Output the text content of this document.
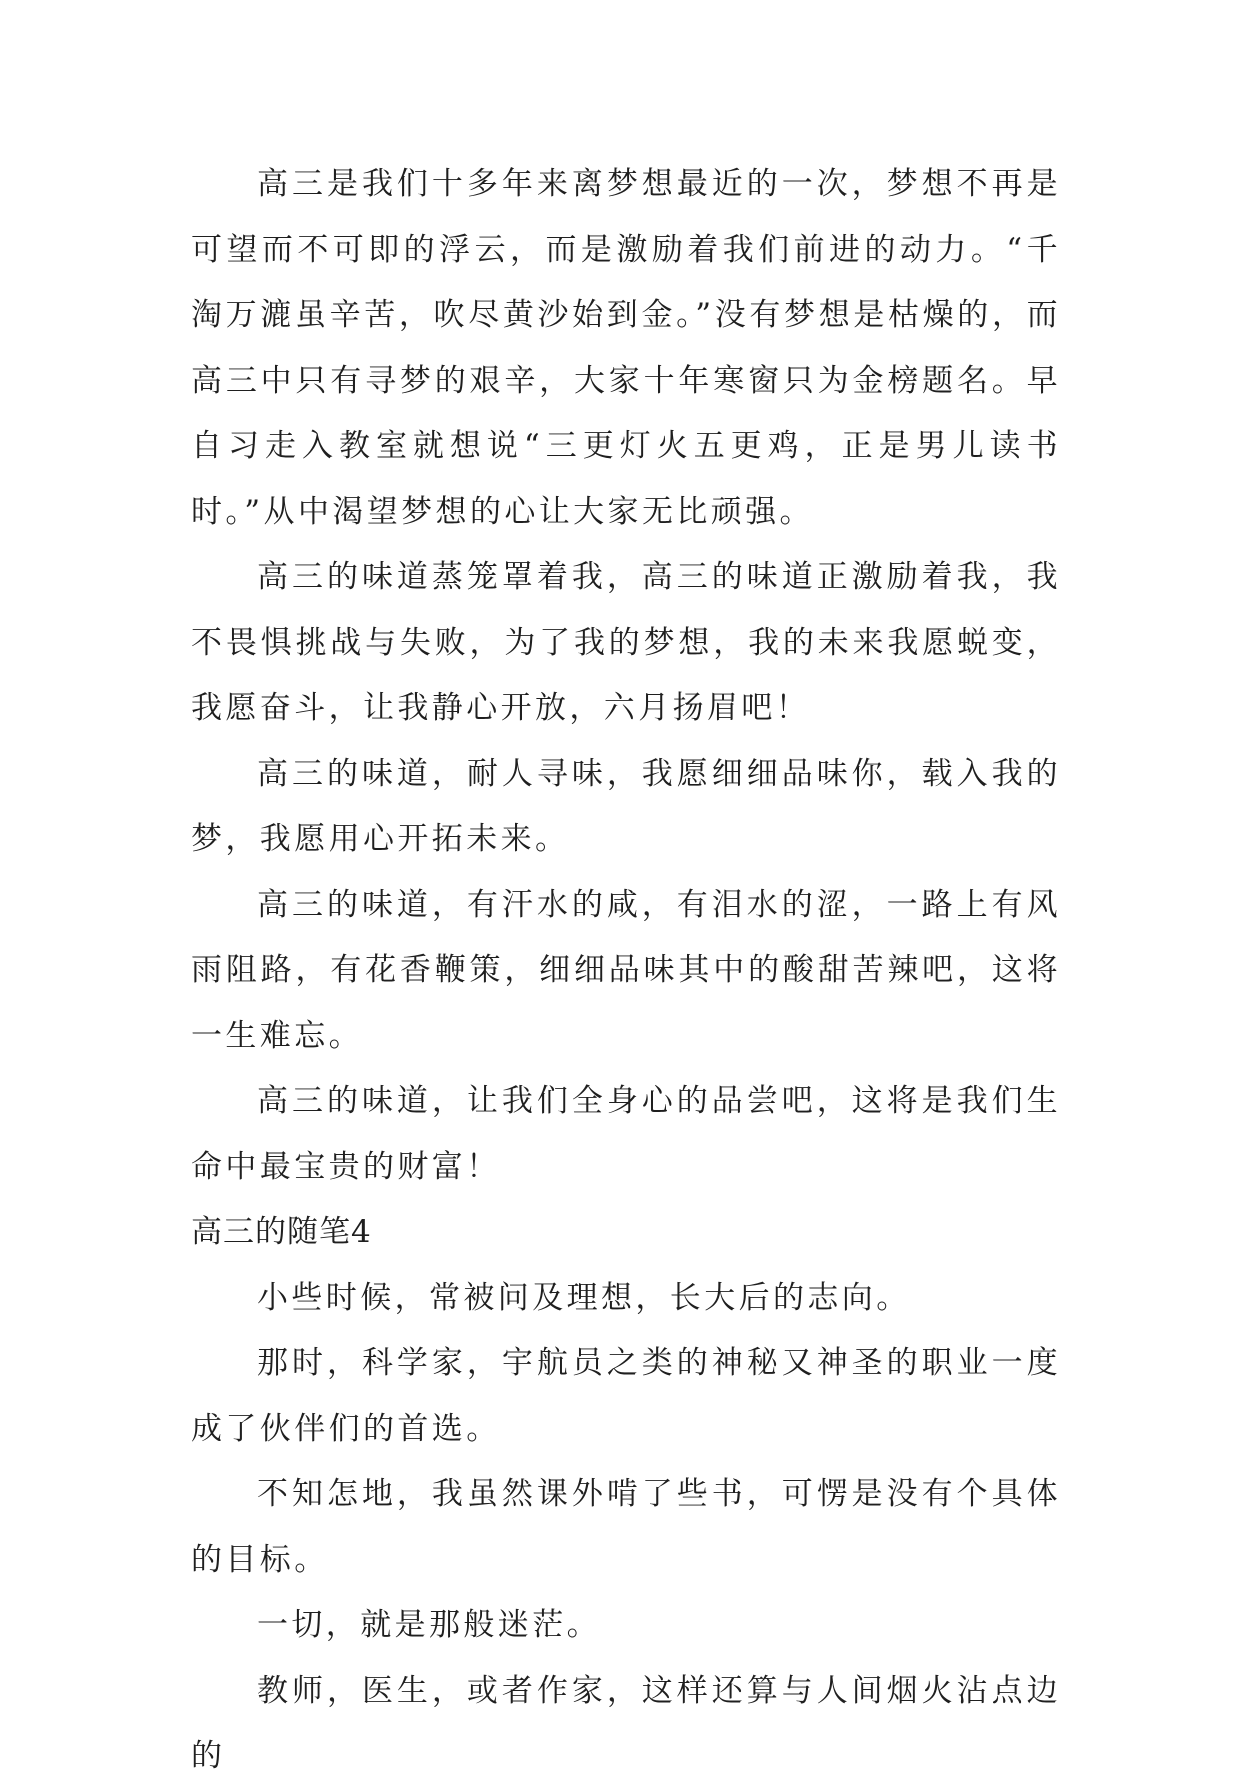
高三是我们十多年来离梦想最近的一次，梦想不再是可望而不可即的浮云，而是激励着我们前进的动力。“千淘万漉虽辛苦，吹尽黄沙始到金。”没有梦想是枯燥的，而高三中只有寻梦的艰辛，大家十年寒窗只为金榜题名。早自习走入教室就想说“三更灯火五更鸡，正是男儿读书时。”从中渴望梦想的心让大家无比顽强。

高三的味道蒸笼罩着我，高三的味道正激励着我，我不畏惧挑战与失败，为了我的梦想，我的未来我愿蜕变，我愿奋斗，让我静心开放，六月扬眉吧！

高三的味道，耐人寻味，我愿细细品味你，载入我的梦，我愿用心开拓未来。

高三的味道，有汗水的咸，有泪水的涩，一路上有风雨阻路，有花香鞭策，细细品味其中的酸甜苦辣吧，这将一生难忘。

高三的味道，让我们全身心的品尝吧，这将是我们生命中最宝贵的财富！

高三的随笔4

小些时候，常被问及理想，长大后的志向。

那时，科学家，宇航员之类的神秘又神圣的职业一度成了伙伴们的首选。

不知怎地，我虽然课外啃了些书，可愣是没有个具体的目标。

一切，就是那般迷茫。

教师，医生，或者作家，这样还算与人间烟火沾点边的
